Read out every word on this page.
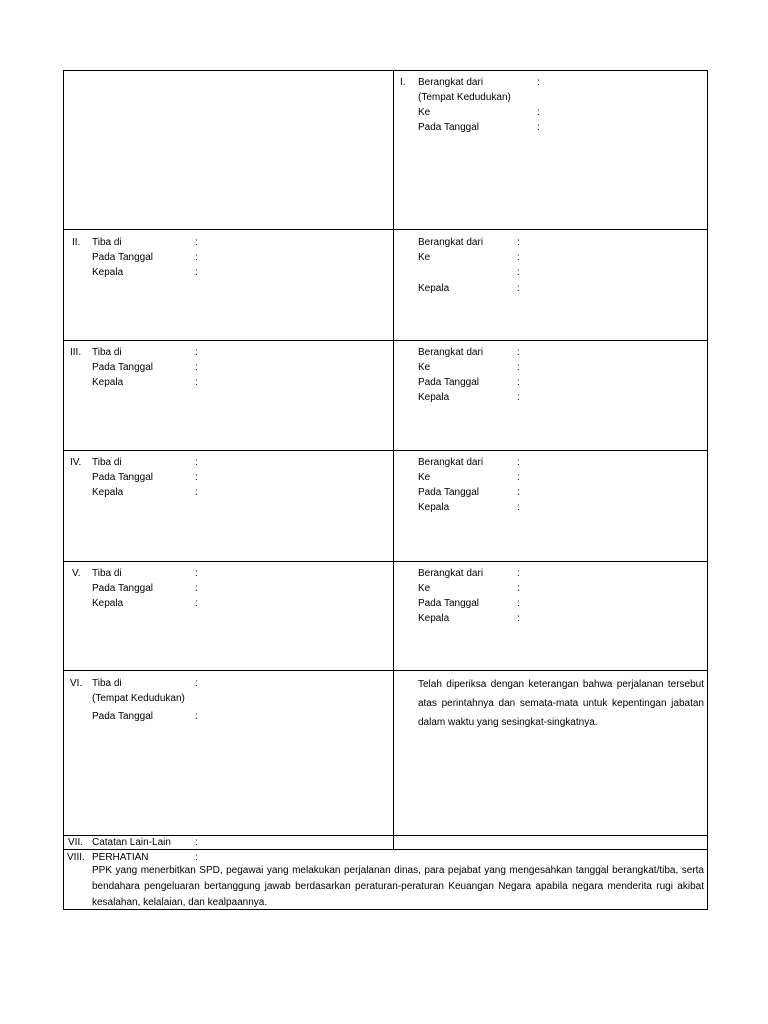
I. Berangkat dari	:
(Tempat Kedudukan)
Ke	:
Pada Tanggal	:
II. Tiba di	:
Pada Tanggal	:
Kepala	:
Berangkat dari	:
Ke	:
:
Kepala	:
III. Tiba di	:
Pada Tanggal	:
Kepala	:
Berangkat dari	:
Ke	:
Pada Tanggal	:
Kepala	:
IV. Tiba di	:
Pada Tanggal	:
Kepala	:
Berangkat dari	:
Ke	:
Pada Tanggal	:
Kepala	:
V. Tiba di	:
Pada Tanggal	:
Kepala	:
Berangkat dari	:
Ke	:
Pada Tanggal	:
Kepala	:
VI. Tiba di	:
(Tempat Kedudukan)
Pada Tanggal	:
Telah diperiksa dengan keterangan bahwa perjalanan tersebut atas perintahnya dan semata-mata untuk kepentingan jabatan dalam waktu yang sesingkat-singkatnya.
VII. Catatan Lain-Lain :
VIII. PERHATIAN	:
PPK yang menerbitkan SPD, pegawai yang melakukan perjalanan dinas, para pejabat yang mengesahkan tanggal berangkat/tiba, serta bendahara pengeluaran bertanggung jawab berdasarkan peraturan-peraturan Keuangan Negara apabila negara menderita rugi akibat kesalahan, kelalaian, dan kealpaannya.
